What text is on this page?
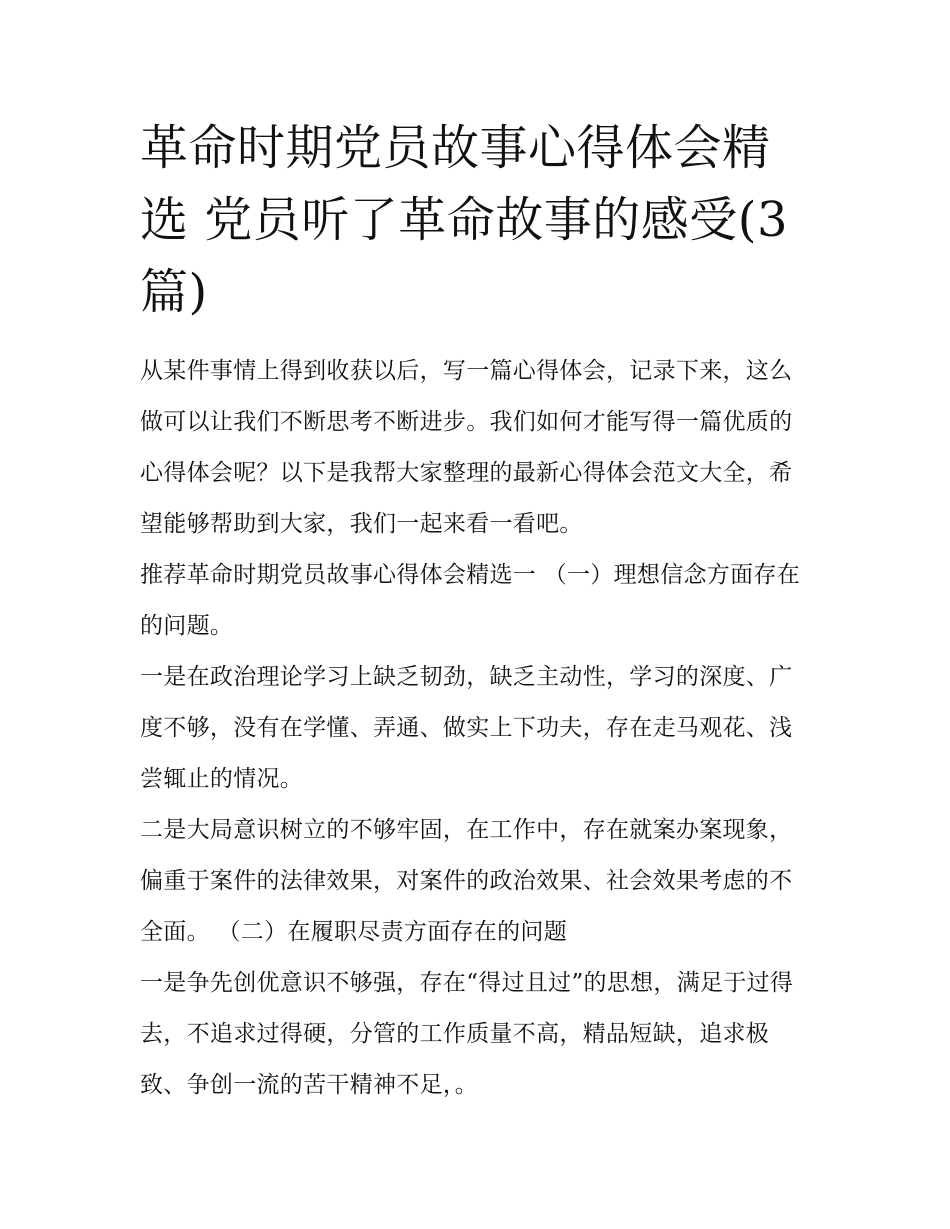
革命时期党员故事心得体会精选 党员听了革命故事的感受(3篇)

从某件事情上得到收获以后，写一篇心得体会，记录下来，这么做可以让我们不断思考不断进步。我们如何才能写得一篇优质的心得体会呢？以下是我帮大家整理的最新心得体会范文大全，希望能够帮助到大家，我们一起来看一看吧。

推荐革命时期党员故事心得体会精选一 （一）理想信念方面存在的问题。

一是在政治理论学习上缺乏韧劲，缺乏主动性，学习的深度、广度不够，没有在学懂、弄通、做实上下功夫，存在走马观花、浅尝辄止的情况。

二是大局意识树立的不够牢固，在工作中，存在就案办案现象，偏重于案件的法律效果，对案件的政治效果、社会效果考虑的不全面。 （二）在履职尽责方面存在的问题

一是争先创优意识不够强，存在“得过且过”的思想，满足于过得去，不追求过得硬，分管的工作质量不高，精品短缺，追求极致、争创一流的苦干精神不足，。
